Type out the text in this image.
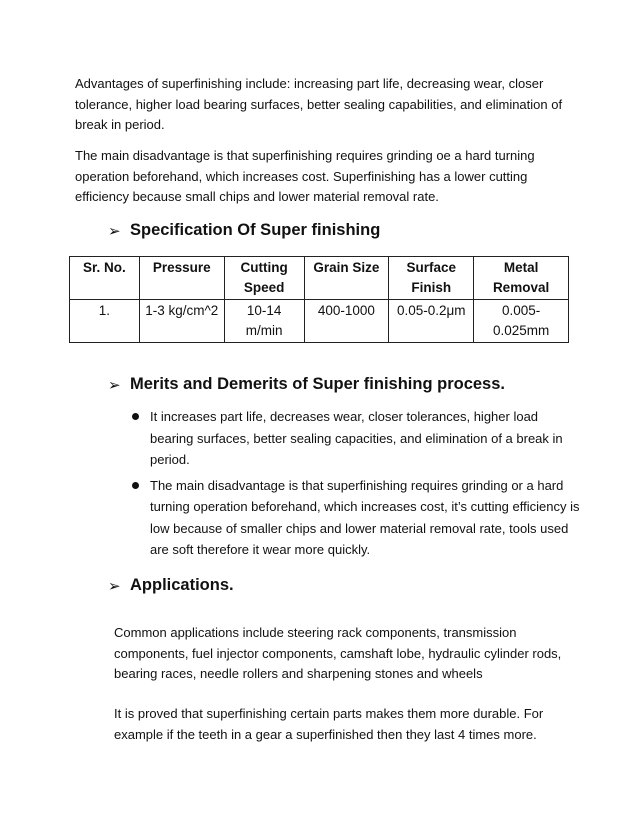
Advantages of superfinishing include: increasing part life, decreasing wear, closer tolerance, higher load bearing surfaces, better sealing capabilities, and elimination of break in period.

The main disadvantage is that superfinishing requires grinding oe a hard turning operation beforehand, which increases cost. Superfinishing has a lower cutting efficiency because small chips and lower material removal rate.

➢ Specification Of Super finishing
Sr. No.	Pressure	Cutting Speed	Grain Size	Surface Finish	Metal Removal
1.	1-3 kg/cm^2	10-14 m/min	400-1000	0.05-0.2μm	0.005-0.025mm
➢ Merits and Demerits of Super finishing process.
It increases part life, decreases wear, closer tolerances, higher load bearing surfaces, better sealing capacities, and elimination of a break in period.
The main disadvantage is that superfinishing requires grinding or a hard turning operation beforehand, which increases cost, it’s cutting efficiency is low because of smaller chips and lower material removal rate, tools used are soft therefore it wear more quickly.
➢ Applications.

Common applications include steering rack components, transmission components, fuel injector components, camshaft lobe, hydraulic cylinder rods, bearing races, needle rollers and sharpening stones and wheels

It is proved that superfinishing certain parts makes them more durable. For example if the teeth in a gear a superfinished then they last 4 times more.
